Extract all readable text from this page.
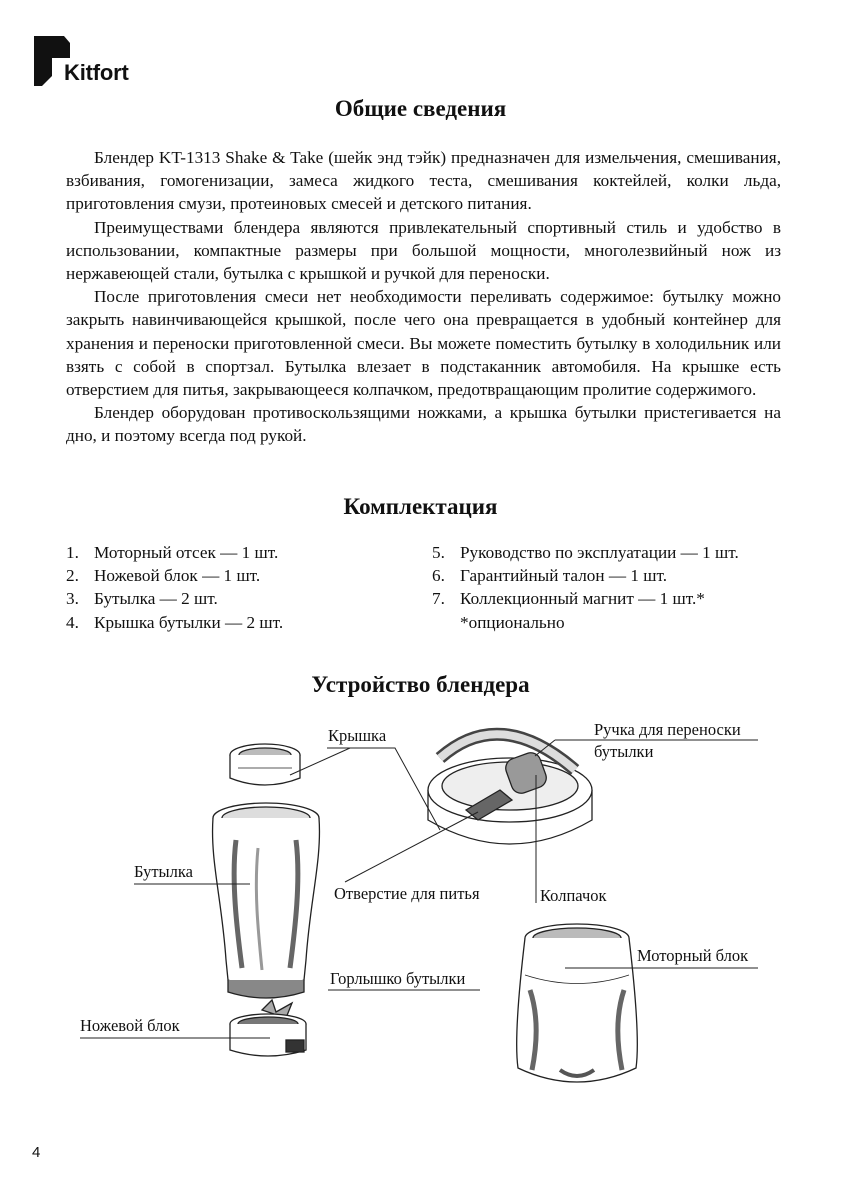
Kitfort
Общие сведения

Блендер KT-1313 Shake & Take (шейк энд тэйк) предназначен для измельчения, смешивания, взбивания, гомогенизации, замеса жидкого теста, смешивания коктейлей, колки льда, приготовления смузи, протеиновых смесей и детского питания.

Преимуществами блендера являются привлекательный спортивный стиль и удобство в использовании, компактные размеры при большой мощности, многолезвийный нож из нержавеющей стали, бутылка с крышкой и ручкой для переноски.

После приготовления смеси нет необходимости переливать содержимое: бутылку можно закрыть навинчивающейся крышкой, после чего она превращается в удобный контейнер для хранения и переноски приготовленной смеси. Вы можете поместить бутылку в холодильник или взять с собой в спортзал. Бутылка влезает в подстаканник автомобиля. На крышке есть отверстием для питья, закрывающееся колпачком, предотвращающим пролитие содержимого.

Блендер оборудован противоскользящими ножками, а крышка бутылки пристегивается на дно, и поэтому всегда под рукой.

Комплектация
1. Моторный отсек — 1 шт.
2. Ножевой блок — 1 шт.
3. Бутылка — 2 шт.
4. Крышка бутылки — 2 шт.
5. Руководство по эксплуатации — 1 шт.
6. Гарантийный талон — 1 шт.
7. Коллекционный магнит — 1 шт.*
*опционально
Устройство блендера
Крышка	Ручка для переноски
бутылки
Бутылка
Отверстие для питья	Колпачок
Моторный блок
Горлышко бутылки
Ножевой блок
4
